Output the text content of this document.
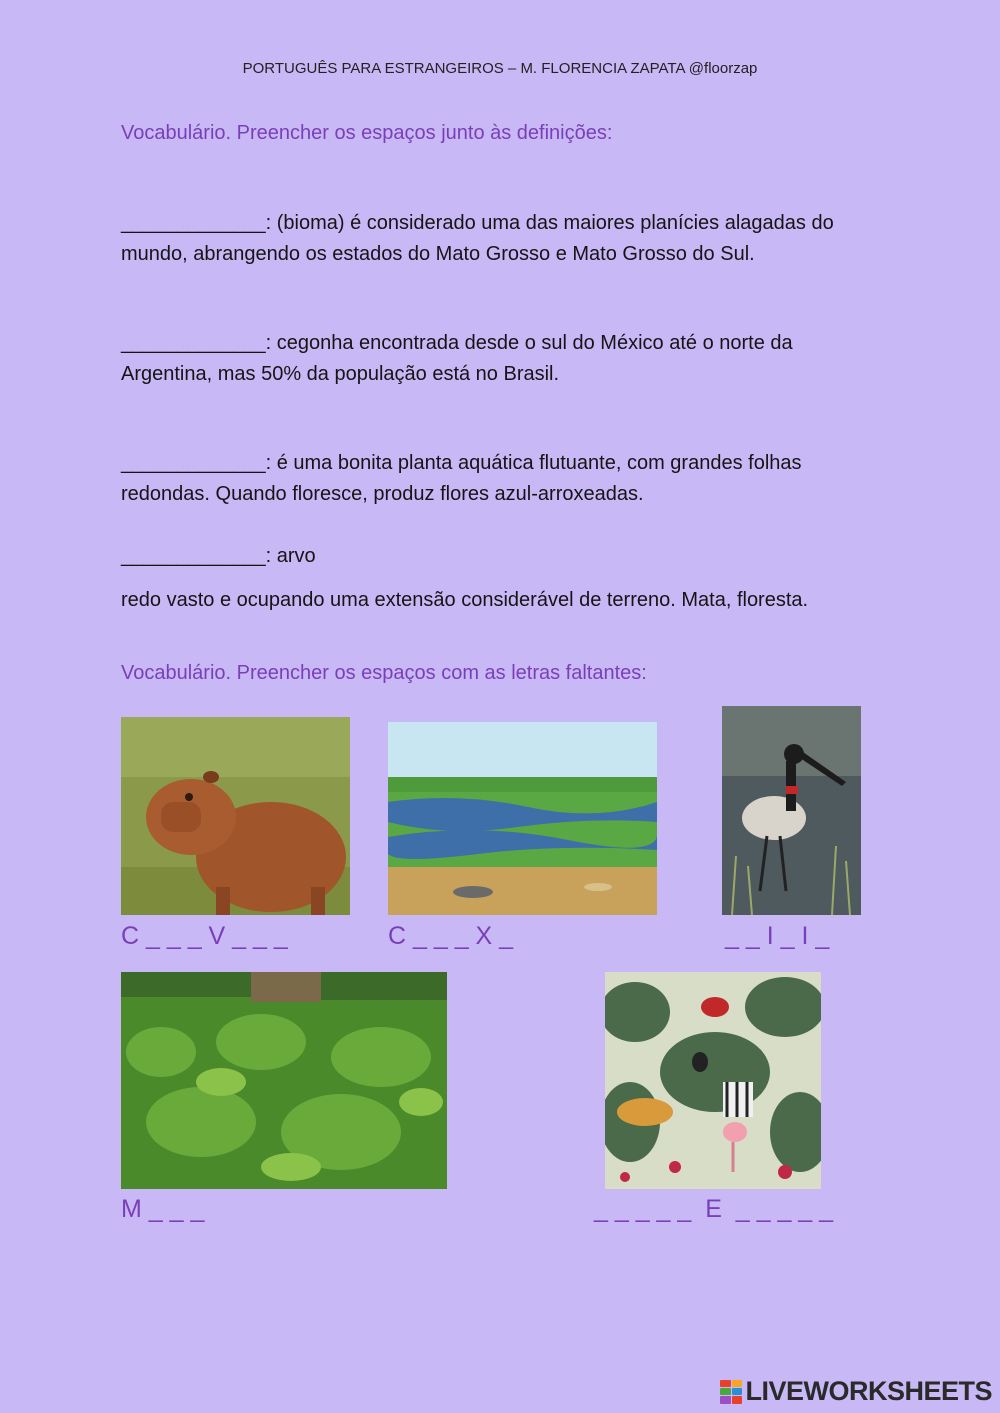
PORTUGUÊS PARA ESTRANGEIROS – M. FLORENCIA ZAPATA @floorzap
Vocabulário. Preencher os espaços junto às definições:
_____________: (bioma) é considerado uma das maiores planícies alagadas do
mundo, abrangendo os estados do Mato Grosso e Mato Grosso do Sul.
_____________: cegonha encontrada desde o sul do México até o norte da
Argentina, mas 50% da população está no Brasil.
_____________: é uma bonita planta aquática flutuante, com grandes folhas
redondas. Quando floresce, produz flores azul-arroxeadas.
_____________: arvo
redo vasto e ocupando uma extensão considerável de terreno. Mata, floresta.
Vocabulário. Preencher os espaços com as letras faltantes:
C _ _ _ V _ _ _	C _ _ _ X _	_ _ I _ I _
M _ _ _	_ _ _ _ _  E  _ _ _ _ _
LIVEWORKSHEETS
